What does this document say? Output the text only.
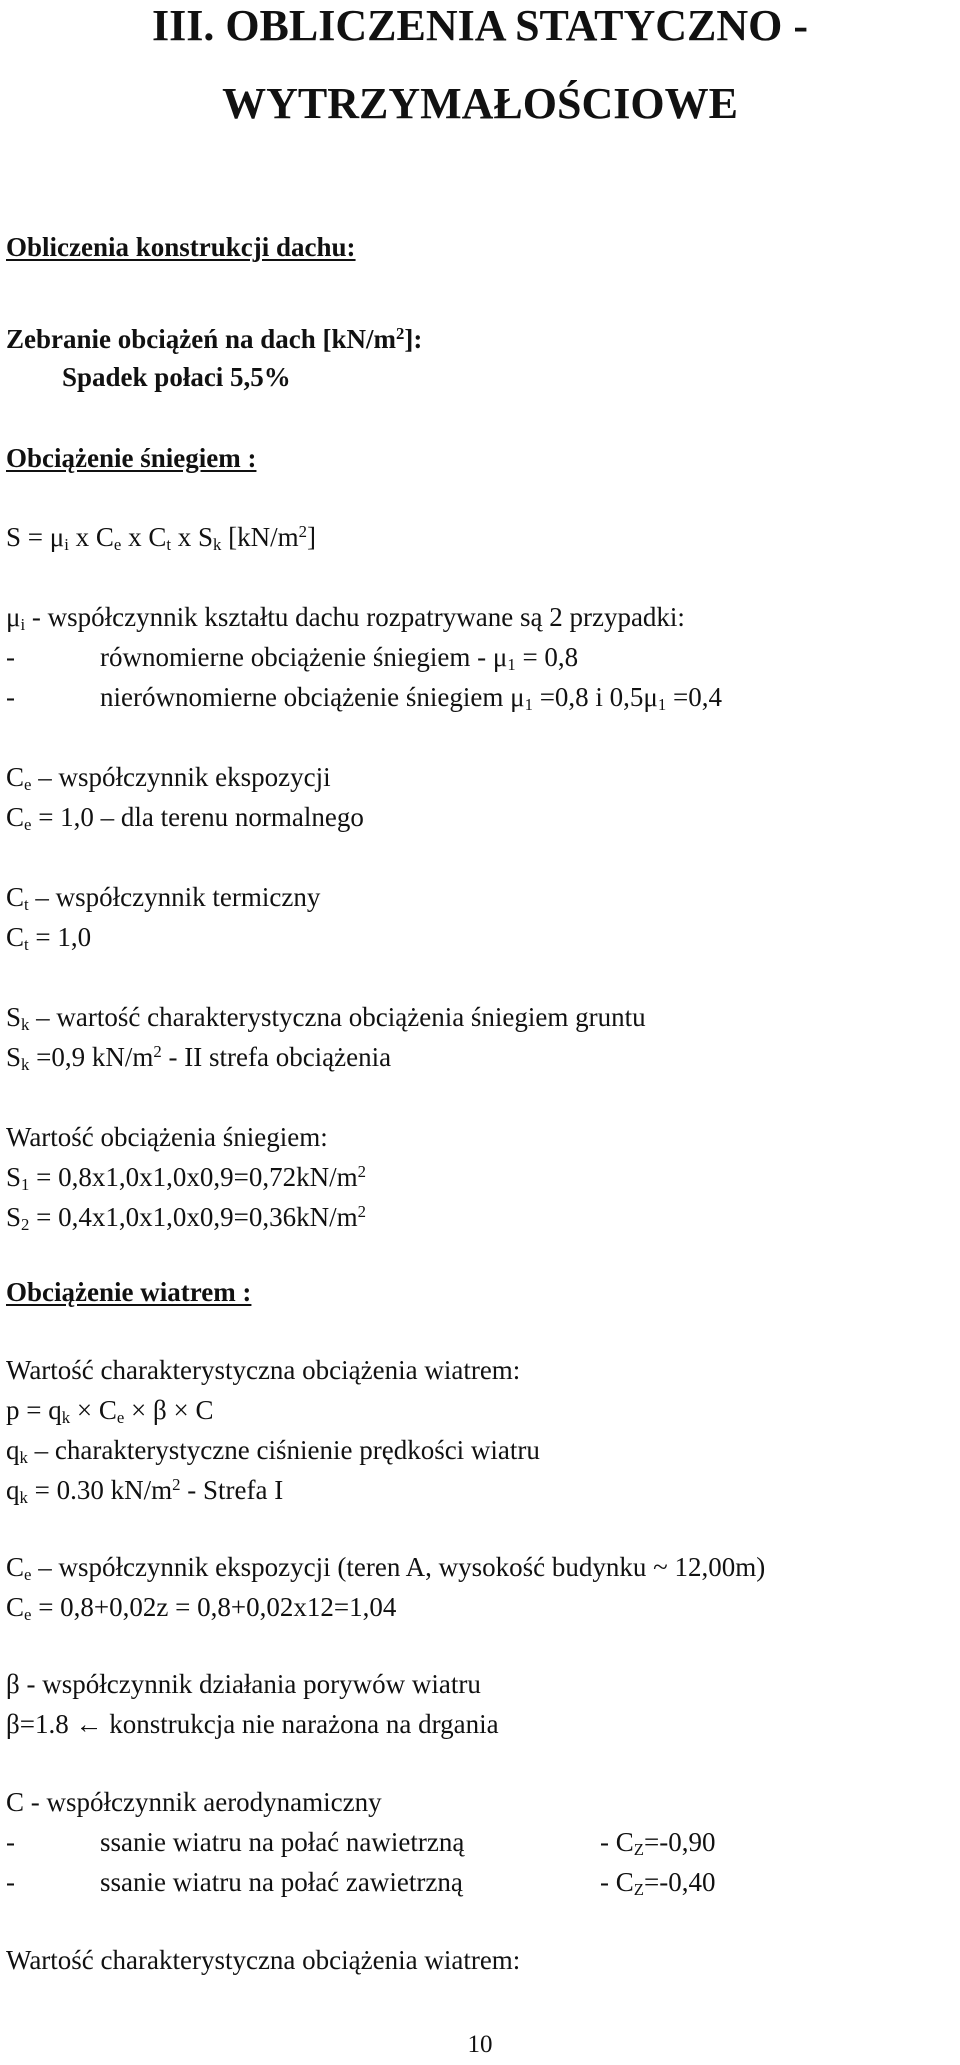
III. OBLICZENIA STATYCZNO -
WYTRZYMAŁOŚCIOWE
Obliczenia konstrukcji dachu:
Zebranie obciążeń na dach $[kN/m^2]$:
Spadek połaci 5,5%
Obciążenie śniegiem :
$S = \mu_i$ x $C_e$ x $C_t$ x $S_k$ $[kN/m^2]$
$\mu_i$ - współczynnik kształtu dachu rozpatrywane są 2 przypadki:
-	równomierne obciążenie śniegiem - $\mu_1 = 0,8$
-	nierównomierne obciążenie śniegiem $\mu_1 =0,8$ i $0,5\mu_1 =0,4$
$C_e$ – współczynnik ekspozycji
$C_e = 1,0$ – dla terenu normalnego
$C_t$ – współczynnik termiczny
$C_t = 1,0$
$S_k$ – wartość charakterystyczna obciążenia śniegiem gruntu
$S_k =0,9$ $kN/m^2$ - II strefa obciążenia
Wartość obciążenia śniegiem:
$S_1 = 0,8x1,0x1,0x0,9=0,72kN/m^2$
$S_2 = 0,4x1,0x1,0x0,9=0,36kN/m^2$
Obciążenie wiatrem :
Wartość charakterystyczna obciążenia wiatrem:
$p = q_k \times C_e \times \beta \times C$
$q_k$ – charakterystyczne ciśnienie prędkości wiatru
$q_k = 0.30$ $kN/m^2$ - Strefa I
$C_e$ – współczynnik ekspozycji (teren A, wysokość budynku ~ 12,00m)
$C_e = 0,8+0,02z = 0,8+0,02x12=1,04$
β - współczynnik działania porywów wiatru
β=1.8 ← konstrukcja nie narażona na drgania
C - współczynnik aerodynamiczny
-	ssanie wiatru na połać nawietrzną	- $C_Z=-0,90$
-	ssanie wiatru na połać zawietrzną	- $C_Z=-0,40$
Wartość charakterystyczna obciążenia wiatrem:
10
